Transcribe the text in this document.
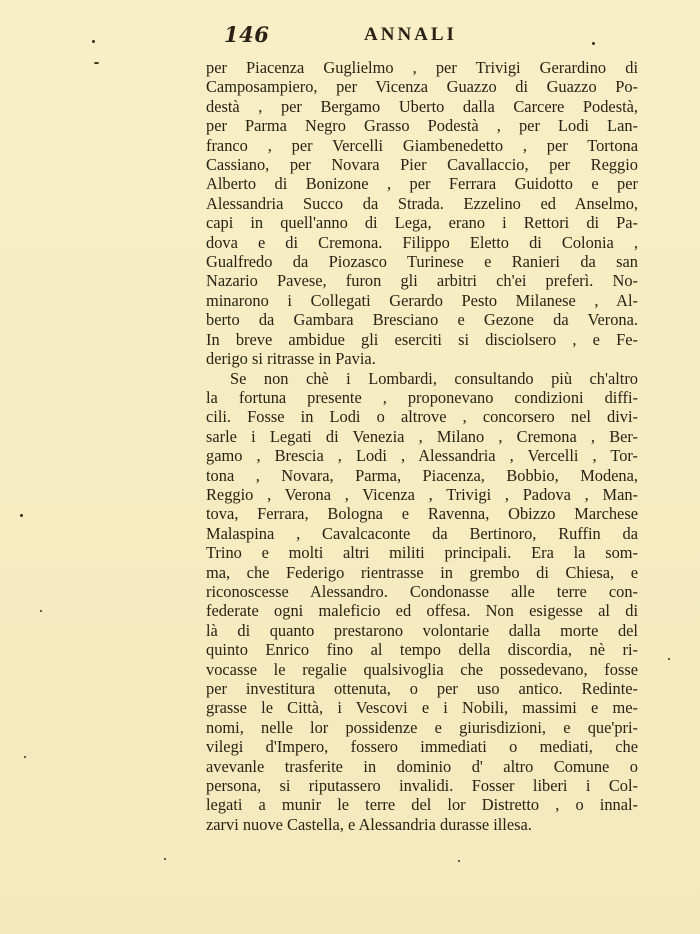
146	ANNALI

per Piacenza Guglielmo , per Trivigi Gerardino di
Camposampiero, per Vicenza Guazzo di Guazzo Po-
destà , per Bergamo Uberto dalla Carcere Podestà,
per Parma Negro Grasso Podestà , per Lodi Lan-
franco , per Vercelli Giambenedetto , per Tortona
Cassiano, per Novara Pier Cavallaccio, per Reggio
Alberto di Bonizone , per Ferrara Guidotto e per
Alessandria Succo da Strada. Ezzelino ed Anselmo,
capi in quell'anno di Lega, erano i Rettori di Pa-
dova e di Cremona. Filippo Eletto di Colonia ,
Gualfredo da Piozasco Turinese e Ranieri da san
Nazario Pavese, furon gli arbitri ch'ei preferì. No-
minarono i Collegati Gerardo Pesto Milanese , Al-
berto da Gambara Bresciano e Gezone da Verona.
In breve ambidue gli eserciti si disciolsero , e Fe-
derigo si ritrasse in Pavia.

Se non chè i Lombardi, consultando più ch'altro
la fortuna presente , proponevano condizioni diffi-
cili. Fosse in Lodi o altrove , concorsero nel divi-
sarle i Legati di Venezia , Milano , Cremona , Ber-
gamo , Brescia , Lodi , Alessandria , Vercelli , Tor-
tona , Novara, Parma, Piacenza, Bobbio, Modena,
Reggio , Verona , Vicenza , Trivigi , Padova , Man-
tova, Ferrara, Bologna e Ravenna, Obizzo Marchese
Malaspina , Cavalcaconte da Bertinoro, Ruffin da
Trino e molti altri militi principali. Era la som-
ma, che Federigo rientrasse in grembo di Chiesa, e
riconoscesse Alessandro. Condonasse alle terre con-
federate ogni maleficio ed offesa. Non esigesse al di
là di quanto prestarono volontarie dalla morte del
quinto Enrico fino al tempo della discordia, nè ri-
vocasse le regalie qualsivoglia che possedevano, fosse
per investitura ottenuta, o per uso antico. Redinte-
grasse le Città, i Vescovi e i Nobili, massimi e me-
nomi, nelle lor possidenze e giurisdizioni, e que'pri-
vilegi d'Impero, fossero immediati o mediati, che
avevanle trasferite in dominio d' altro Comune o
persona, si riputassero invalidi. Fosser liberi i Col-
legati a munir le terre del lor Distretto , o innal-
zarvi nuove Castella, e Alessandria durasse illesa.
